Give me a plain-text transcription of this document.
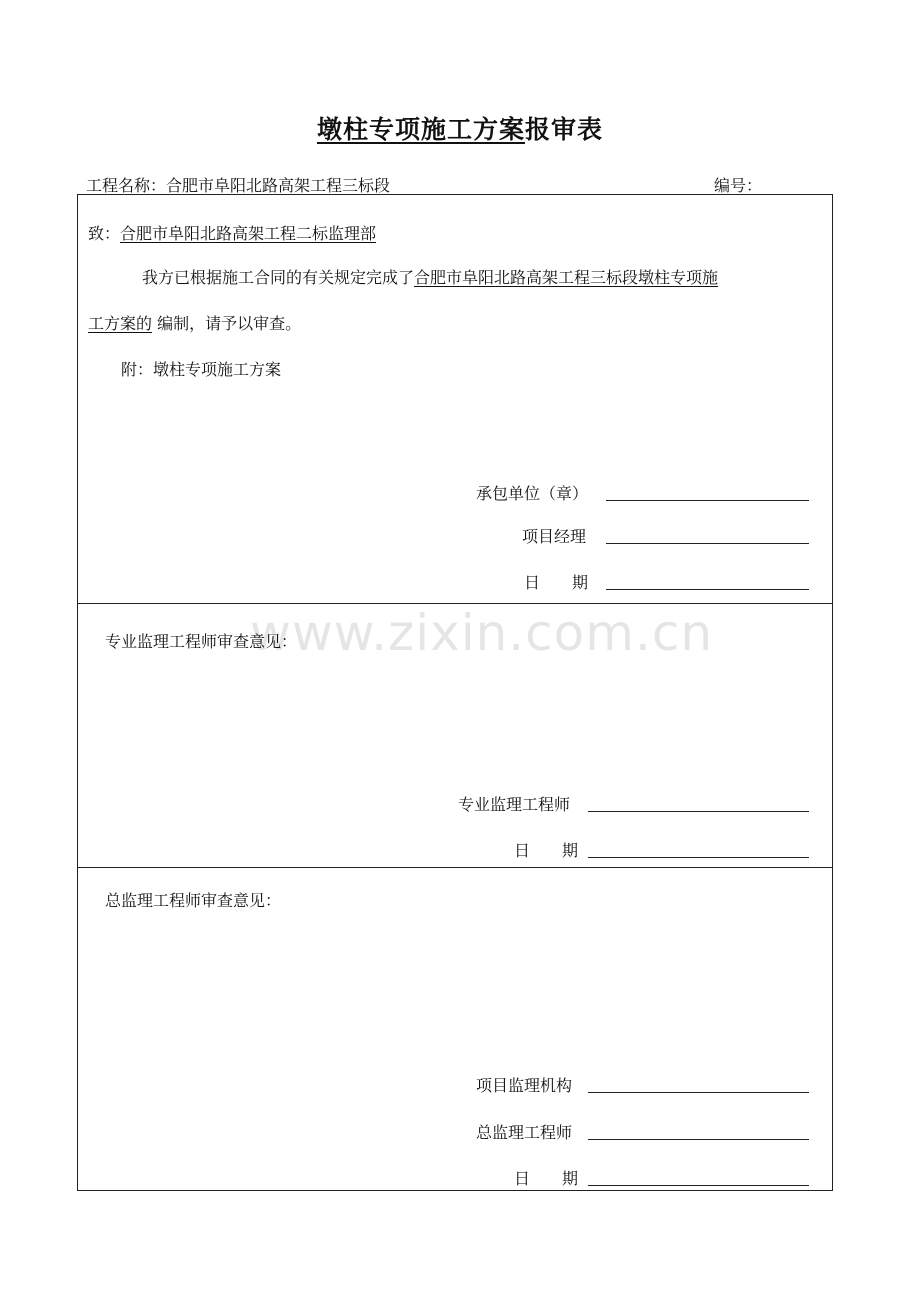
墩柱专项施工方案报审表
工程名称：合肥市阜阳北路高架工程三标段	编号：
致：合肥市阜阳北路高架工程二标监理部
我方已根据施工合同的有关规定完成了合肥市阜阳北路高架工程三标段墩柱专项施
工方案的 编制，请予以审查。
附：墩柱专项施工方案
承包单位（章）
项目经理
日　　期
专业监理工程师审查意见：
专业监理工程师
日　　期
总监理工程师审查意见：
项目监理机构
总监理工程师
日　　期
www.zixin.com.cn
